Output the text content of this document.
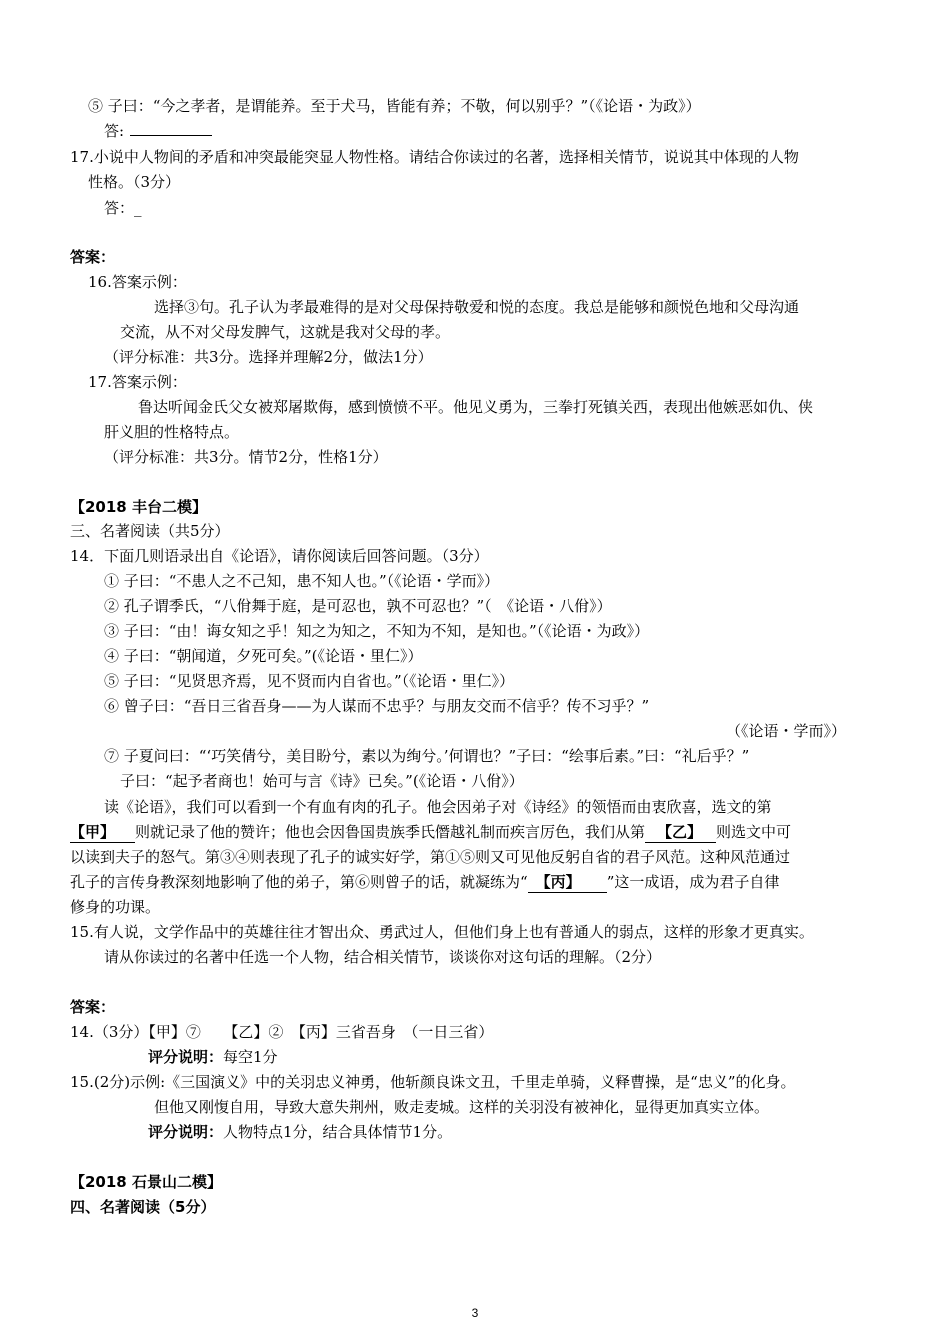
⑤ 子曰：“今之孝者，是谓能养。至于犬马，皆能有养；不敬，何以别乎？”（《论语・为政》）
答:
17.小说中人物间的矛盾和冲突最能突显人物性格。请结合你读过的名著，选择相关情节，说说其中体现的人物
性格。（3分）
答：_
答案：
16.答案示例：
选择③句。孔子认为孝最难得的是对父母保持敬爱和悦的态度。我总是能够和颜悦色地和父母沟通
交流，从不对父母发脾气，这就是我对父母的孝。
（评分标准：共3分。选择并理解2分，做法1分）
17.答案示例：
鲁达听闻金氏父女被郑屠欺侮，感到愤愤不平。他见义勇为，三拳打死镇关西，表现出他嫉恶如仇、侠
肝义胆的性格特点。
（评分标准：共3分。情节2分，性格1分）
【2018 丰台二模】
三、名著阅读（共5分）
14．下面几则语录出自《论语》，请你阅读后回答问题。（3分）
① 子曰：“不患人之不己知，患不知人也。”（《论语・学而》）
② 孔子谓季氏，“八佾舞于庭，是可忍也，孰不可忍也？”（　《论语・八佾》）
③ 子曰：“由！诲女知之乎！知之为知之，不知为不知，是知也。”（《论语・为政》）
④ 子曰：“朝闻道，夕死可矣。”(《论语・里仁》）
⑤ 子曰：“见贤思齐焉，见不贤而内自省也。”（《论语・里仁》）
⑥ 曾子曰：“吾日三省吾身——为人谋而不忠乎？与朋友交而不信乎？传不习乎？”
（《论语・学而》）
⑦ 子夏问曰：“‘巧笑倩兮，美目盼兮，素以为绚兮。’何谓也？”子曰：“绘事后素。”曰：“礼后乎？”
子曰：“起予者商也！始可与言《诗》已矣。”(《论语・八佾》）
读《论语》，我们可以看到一个有血有肉的孔子。他会因弟子对《诗经》的领悟而由衷欣喜，选文的第
【甲】 则就记录了他的赞许；他也会因鲁国贵族季氏僭越礼制而疾言厉色，我们从第 【乙】 则选文中可
以读到夫子的怒气。第③④则表现了孔子的诚实好学，第①⑤则又可见他反躬自省的君子风范。这种风范通过
孔子的言传身教深刻地影响了他的弟子，第⑥则曾子的话，就凝练为“ 【丙】 ”这一成语，成为君子自律
修身的功课。
15.有人说，文学作品中的英雄往往才智出众、勇武过人，但他们身上也有普通人的弱点，这样的形象才更真实。
请从你读过的名著中任选一个人物，结合相关情节，谈谈你对这句话的理解。（2分）
答案：
14.（3分）【甲】⑦　　【乙】②　【丙】三省吾身　（一日三省）
评分说明：每空1分
15.(2分)示例:《三国演义》中的关羽忠义神勇，他斩颜良诛文丑，千里走单骑，义释曹操，是“忠义”的化身。
但他又刚愎自用，导致大意失荆州，败走麦城。这样的关羽没有被神化，显得更加真实立体。
评分说明：人物特点1分，结合具体情节1分。
【2018 石景山二模】
四、名著阅读（5分）
3
